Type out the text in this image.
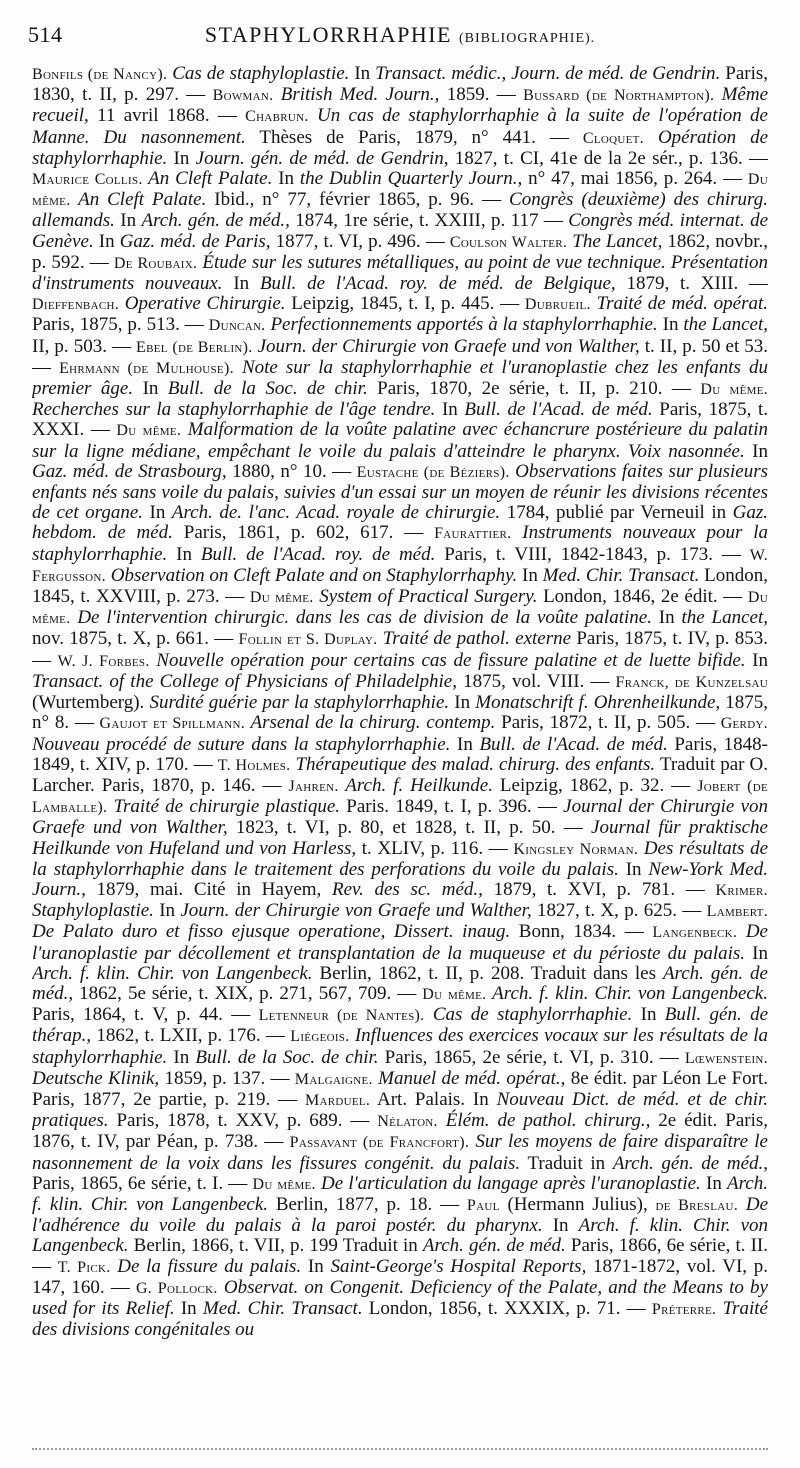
514	STAPHYLORRHAPHIE (BIBLIOGRAPHIE).

Bonfils (de Nancy). Cas de staphyloplastie. In Transact. médic., Journ. de méd. de Gendrin. Paris, 1830, t. II, p. 297. — Bowman. British Med. Journ., 1859. — Bussard (de Northampton). Même recueil, 11 avril 1868. — Chabrun. Un cas de staphylorrhaphie à la suite de l'opération de Manne. Du nasonnement. Thèses de Paris, 1879, n° 441. — Cloquet. Opération de staphylorrhaphie. In Journ. gén. de méd. de Gendrin, 1827, t. CI, 41e de la 2e sér., p. 136. — Maurice Collis. An Cleft Palate. In the Dublin Quarterly Journ., n° 47, mai 1856, p. 264. — Du même. An Cleft Palate. Ibid., n° 77, février 1865, p. 96. — Congrès (deuxième) des chirurg. allemands. In Arch. gén. de méd., 1874, 1re série, t. XXIII, p. 117 — Congrès méd. internat. de Genève. In Gaz. méd. de Paris, 1877, t. VI, p. 496. — Coulson Walter. The Lancet, 1862, novbr., p. 592. — De Roubaix. Étude sur les sutures métalliques, au point de vue technique. Présentation d'instruments nouveaux. In Bull. de l'Acad. roy. de méd. de Belgique, 1879, t. XIII. — Dieffenbach. Operative Chirurgie. Leipzig, 1845, t. I, p. 445. — Dubrueil. Traité de méd. opérat. Paris, 1875, p. 513. — Duncan. Perfectionnements apportés à la staphylorrhaphie. In the Lancet, II, p. 503. — Ebel (de Berlin). Journ. der Chirurgie von Graefe und von Walther, t. II, p. 50 et 53. — Ehrmann (de Mulhouse). Note sur la staphylorrhaphie et l'uranoplastie chez les enfants du premier âge. In Bull. de la Soc. de chir. Paris, 1870, 2e série, t. II, p. 210. — Du même. Recherches sur la staphylorrhaphie de l'âge tendre. In Bull. de l'Acad. de méd. Paris, 1875, t. XXXI. — Du même. Malformation de la voûte palatine avec échancrure postérieure du palatin sur la ligne médiane, empêchant le voile du palais d'atteindre le pharynx. Voix nasonnée. In Gaz. méd. de Strasbourg, 1880, n° 10. — Eustache (de Béziers). Observations faites sur plusieurs enfants nés sans voile du palais, suivies d'un essai sur un moyen de réunir les divisions récentes de cet organe. In Arch. de. l'anc. Acad. royale de chirurgie. 1784, publié par Verneuil in Gaz. hebdom. de méd. Paris, 1861, p. 602, 617. — Faurattier. Instruments nouveaux pour la staphylorrhaphie. In Bull. de l'Acad. roy. de méd. Paris, t. VIII, 1842-1843, p. 173. — W. Fergusson. Observation on Cleft Palate and on Staphylorrhaphy. In Med. Chir. Transact. London, 1845, t. XXVIII, p. 273. — Du même. System of Practical Surgery. London, 1846, 2e édit. — Du même. De l'intervention chirurgic. dans les cas de division de la voûte palatine. In the Lancet, nov. 1875, t. X, p. 661. — Follin et S. Duplay. Traité de pathol. externe Paris, 1875, t. IV, p. 853. — W. J. Forbes. Nouvelle opération pour certains cas de fissure palatine et de luette bifide. In Transact. of the College of Physicians of Philadelphie, 1875, vol. VIII. — Franck, de Kunzelsau (Wurtemberg). Surdité guérie par la staphylorrhaphie. In Monatschrift f. Ohrenheilkunde, 1875, n° 8. — Gaujot et Spillmann. Arsenal de la chirurg. contemp. Paris, 1872, t. II, p. 505. — Gerdy. Nouveau procédé de suture dans la staphylorrhaphie. In Bull. de l'Acad. de méd. Paris, 1848-1849, t. XIV, p. 170. — T. Holmes. Thérapeutique des malad. chirurg. des enfants. Traduit par O. Larcher. Paris, 1870, p. 146. — Jahren. Arch. f. Heilkunde. Leipzig, 1862, p. 32. — Jobert (de Lamballe). Traité de chirurgie plastique. Paris. 1849, t. I, p. 396. — Journal der Chirurgie von Graefe und von Walther, 1823, t. VI, p. 80, et 1828, t. II, p. 50. — Journal für praktische Heilkunde von Hufeland und von Harless, t. XLIV, p. 116. — Kingsley Norman. Des résultats de la staphylorrhaphie dans le traitement des perforations du voile du palais. In New-York Med. Journ., 1879, mai. Cité in Hayem, Rev. des sc. méd., 1879, t. XVI, p. 781. — Krimer. Staphyloplastie. In Journ. der Chirurgie von Graefe und Walther, 1827, t. X, p. 625. — Lambert. De Palato duro et fisso ejusque operatione, Dissert. inaug. Bonn, 1834. — Langenbeck. De l'uranoplastie par décollement et transplantation de la muqueuse et du périoste du palais. In Arch. f. klin. Chir. von Langenbeck. Berlin, 1862, t. II, p. 208. Traduit dans les Arch. gén. de méd., 1862, 5e série, t. XIX, p. 271, 567, 709. — Du même. Arch. f. klin. Chir. von Langenbeck. Paris, 1864, t. V, p. 44. — Letenneur (de Nantes). Cas de staphylorrhaphie. In Bull. gén. de thérap., 1862, t. LXII, p. 176. — Liégeois. Influences des exercices vocaux sur les résultats de la staphylorrhaphie. In Bull. de la Soc. de chir. Paris, 1865, 2e série, t. VI, p. 310. — Lœwenstein. Deutsche Klinik, 1859, p. 137. — Malgaigne. Manuel de méd. opérat., 8e édit. par Léon Le Fort. Paris, 1877, 2e partie, p. 219. — Marduel. Art. Palais. In Nouveau Dict. de méd. et de chir. pratiques. Paris, 1878, t. XXV, p. 689. — Nélaton. Élém. de pathol. chirurg., 2e édit. Paris, 1876, t. IV, par Péan, p. 738. — Passavant (de Francfort). Sur les moyens de faire disparaître le nasonnement de la voix dans les fissures congénit. du palais. Traduit in Arch. gén. de méd., Paris, 1865, 6e série, t. I. — Du même. De l'articulation du langage après l'uranoplastie. In Arch. f. klin. Chir. von Langenbeck. Berlin, 1877, p. 18. — Paul (Hermann Julius), de Breslau. De l'adhérence du voile du palais à la paroi postér. du pharynx. In Arch. f. klin. Chir. von Langenbeck. Berlin, 1866, t. VII, p. 199 Traduit in Arch. gén. de méd. Paris, 1866, 6e série, t. II. — T. Pick. De la fissure du palais. In Saint-George's Hospital Reports, 1871-1872, vol. VI, p. 147, 160. — G. Pollock. Observat. on Congenit. Deficiency of the Palate, and the Means to by used for its Relief. In Med. Chir. Transact. London, 1856, t. XXXIX, p. 71. — Préterre. Traité des divisions congénitales ou
